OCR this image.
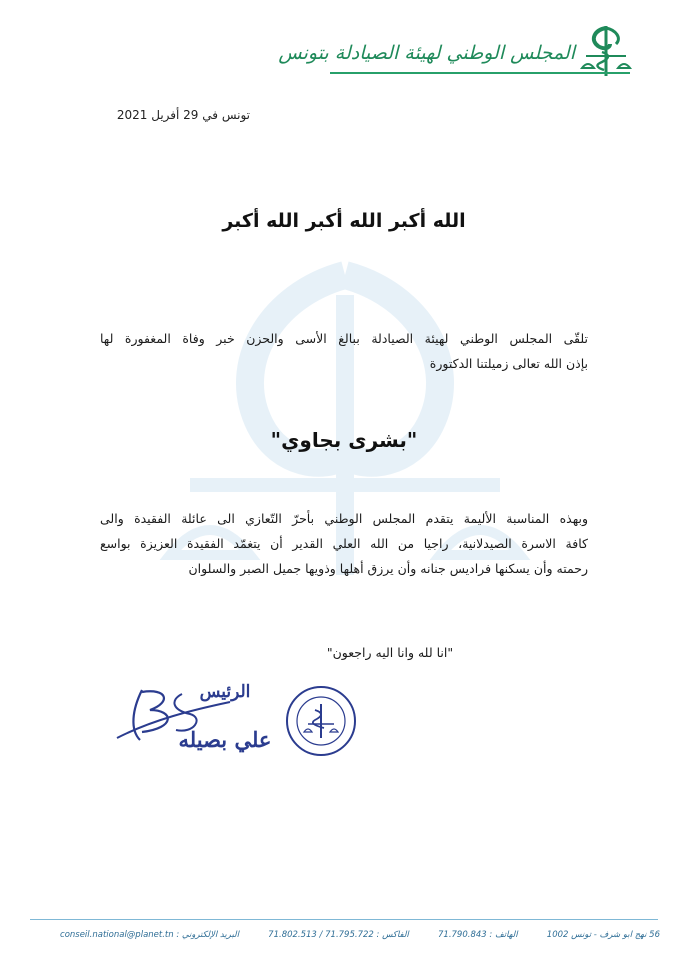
المجلس الوطني لهيئة الصيادلة بتونس
تونس في 29 أفريل 2021
الله أكبر الله أكبر الله أكبر
تلقّى المجلس الوطني لهيئة الصيادلة ببالغ الأسى والحزن خبر وفاة المغفورة لها
بإذن الله تعالى زميلتنا الدكتورة
"بشرى بجاوي"
وبهذه المناسبة الأليمة يتقدم المجلس الوطني بأحرّ التّعازي الى عائلة الفقيدة والى
كافة الاسرة الصيدلانية، راجيا من الله العلي القدير أن يتغمّد الفقيدة العزيزة بواسع
رحمته وأن يسكنها فراديس جنانه وأن يرزق أهلها وذويها جميل الصبر والسلوان
"انا لله وانا اليه راجعون"
الرئيس
علي بصيله
56 نهج ابو شرف - تونس 1002
الهاتف : 71.790.843
الفاكس : 71.795.722 / 71.802.513
البريد الإلكتروني : conseil.national@planet.tn
